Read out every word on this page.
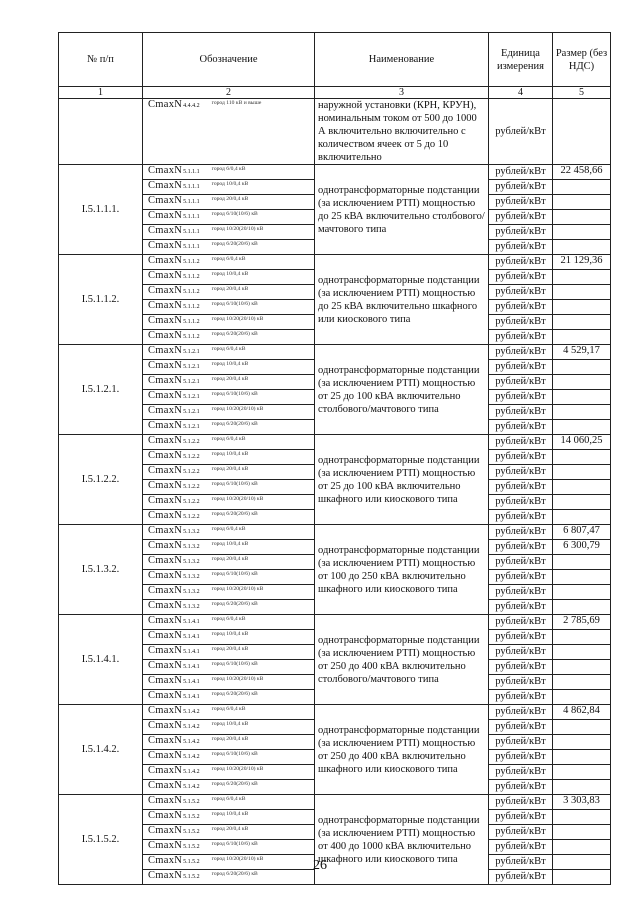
№ п/п	Обозначение	Наименование	Единица измерения	Размер (без НДС)
1	2	3	4	5
	CmaxN4.4.4.2 город 110 кВ и выше	наружной установки (КРН, КРУН), номинальным током от 500 до 1000 А включительно включительно с количеством ячеек от 5 до 10 включительно	рублей/кВт	
I.5.1.1.1.	CmaxN5.1.1.1 город 6/0,4 кВ	однотрансформаторные подстанции (за исключением РТП) мощностью до 25 кВА включительно столбового/мачтового типа	рублей/кВт	22 458,66
	CmaxN5.1.1.1 город 10/0,4 кВ		рублей/кВт	
	CmaxN5.1.1.1 город 20/0,4 кВ		рублей/кВт	
	CmaxN5.1.1.1 город 6/10(10/6) кВ		рублей/кВт	
	CmaxN5.1.1.1 город 10/20(20/10) кВ		рублей/кВт	
	CmaxN5.1.1.1 город 6/20(20/6) кВ		рублей/кВт	
I.5.1.1.2.	CmaxN5.1.1.2 город 6/0,4 кВ	однотрансформаторные подстанции (за исключением РТП) мощностью до 25 кВА включительно шкафного или киоскового типа	рублей/кВт	21 129,36
	CmaxN5.1.1.2 город 10/0,4 кВ		рублей/кВт	
	CmaxN5.1.1.2 город 20/0,4 кВ		рублей/кВт	
	CmaxN5.1.1.2 город 6/10(10/6) кВ		рублей/кВт	
	CmaxN5.1.1.2 город 10/20(20/10) кВ		рублей/кВт	
	CmaxN5.1.1.2 город 6/20(20/6) кВ		рублей/кВт	
I.5.1.2.1.	CmaxN5.1.2.1 город 6/0,4 кВ	однотрансформаторные подстанции (за исключением РТП) мощностью от 25 до 100 кВА включительно столбового/мачтового типа	рублей/кВт	4 529,17
	CmaxN5.1.2.1 город 10/0,4 кВ		рублей/кВт	
	CmaxN5.1.2.1 город 20/0,4 кВ		рублей/кВт	
	CmaxN5.1.2.1 город 6/10(10/6) кВ		рублей/кВт	
	CmaxN5.1.2.1 город 10/20(20/10) кВ		рублей/кВт	
	CmaxN5.1.2.1 город 6/20(20/6) кВ		рублей/кВт	
I.5.1.2.2.	CmaxN5.1.2.2 город 6/0,4 кВ	однотрансформаторные подстанции (за исключением РТП) мощностью от 25 до 100 кВА включительно шкафного или киоскового типа	рублей/кВт	14 060,25
	CmaxN5.1.2.2 город 10/0,4 кВ		рублей/кВт	
	CmaxN5.1.2.2 город 20/0,4 кВ		рублей/кВт	
	CmaxN5.1.2.2 город 6/10(10/6) кВ		рублей/кВт	
	CmaxN5.1.2.2 город 10/20(20/10) кВ		рублей/кВт	
	CmaxN5.1.2.2 город 6/20(20/6) кВ		рублей/кВт	
I.5.1.3.2.	CmaxN5.1.3.2 город 6/0,4 кВ	однотрансформаторные подстанции (за исключением РТП) мощностью от 100 до 250 кВА включительно шкафного или киоскового типа	рублей/кВт	6 807,47
	CmaxN5.1.3.2 город 10/0,4 кВ		рублей/кВт	6 300,79
	CmaxN5.1.3.2 город 20/0,4 кВ		рублей/кВт	
	CmaxN5.1.3.2 город 6/10(10/6) кВ		рублей/кВт	
	CmaxN5.1.3.2 город 10/20(20/10) кВ		рублей/кВт	
	CmaxN5.1.3.2 город 6/20(20/6) кВ		рублей/кВт	
I.5.1.4.1.	CmaxN5.1.4.1 город 6/0,4 кВ	однотрансформаторные подстанции (за исключением РТП) мощностью от 250 до 400 кВА включительно столбового/мачтового типа	рублей/кВт	2 785,69
	CmaxN5.1.4.1 город 10/0,4 кВ		рублей/кВт	
	CmaxN5.1.4.1 город 20/0,4 кВ		рублей/кВт	
	CmaxN5.1.4.1 город 6/10(10/6) кВ		рублей/кВт	
	CmaxN5.1.4.1 город 10/20(20/10) кВ		рублей/кВт	
	CmaxN5.1.4.1 город 6/20(20/6) кВ		рублей/кВт	
I.5.1.4.2.	CmaxN5.1.4.2 город 6/0,4 кВ	однотрансформаторные подстанции (за исключением РТП) мощностью от 250 до 400 кВА включительно шкафного или киоскового типа	рублей/кВт	4 862,84
	CmaxN5.1.4.2 город 10/0,4 кВ		рублей/кВт	
	CmaxN5.1.4.2 город 20/0,4 кВ		рублей/кВт	
	CmaxN5.1.4.2 город 6/10(10/6) кВ		рублей/кВт	
	CmaxN5.1.4.2 город 10/20(20/10) кВ		рублей/кВт	
	CmaxN5.1.4.2 город 6/20(20/6) кВ		рублей/кВт	
I.5.1.5.2.	CmaxN5.1.5.2 город 6/0,4 кВ	однотрансформаторные подстанции (за исключением РТП) мощностью от 400 до 1000 кВА включительно шкафного или киоскового типа	рублей/кВт	3 303,83
	CmaxN5.1.5.2 город 10/0,4 кВ		рублей/кВт	
	CmaxN5.1.5.2 город 20/0,4 кВ		рублей/кВт	
	CmaxN5.1.5.2 город 6/10(10/6) кВ		рублей/кВт	
	CmaxN5.1.5.2 город 10/20(20/10) кВ		рублей/кВт	
	CmaxN5.1.5.2 город 6/20(20/6) кВ		рублей/кВт	
26
